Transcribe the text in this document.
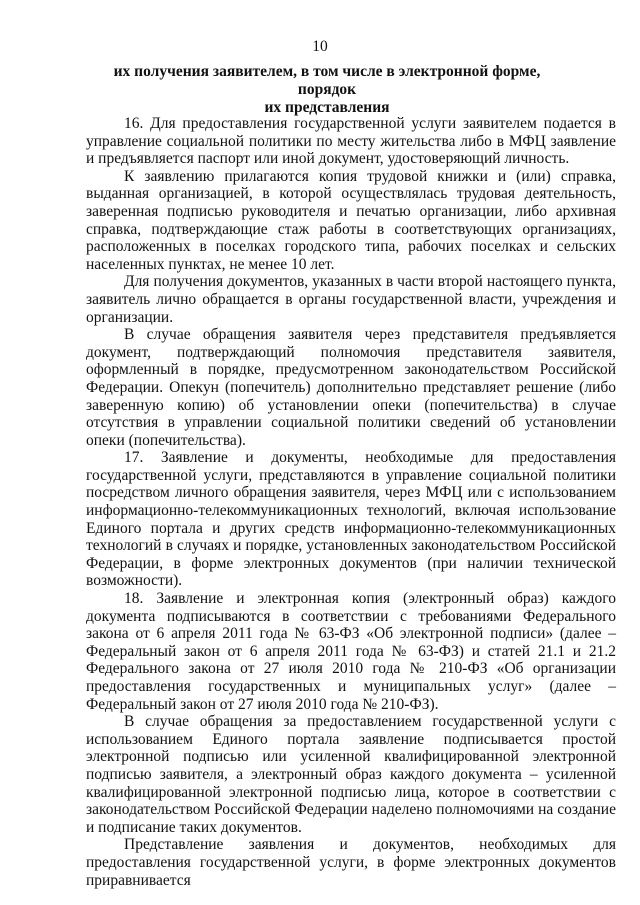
10
их получения заявителем, в том числе в электронной форме, порядок
их представления

16. Для предоставления государственной услуги заявителем подается в управление социальной политики по месту жительства либо в МФЦ заявление и предъявляется паспорт или иной документ, удостоверяющий личность.

К заявлению прилагаются копия трудовой книжки и (или) справка, выданная организацией, в которой осуществлялась трудовая деятельность, заверенная подписью руководителя и печатью организации, либо архивная справка, подтверждающие стаж работы в соответствующих организациях, расположенных в поселках городского типа, рабочих поселках и сельских населенных пунктах, не менее 10 лет.

Для получения документов, указанных в части второй настоящего пункта, заявитель лично обращается в органы государственной власти, учреждения и организации.

В случае обращения заявителя через представителя предъявляется документ, подтверждающий полномочия представителя заявителя, оформленный в порядке, предусмотренном законодательством Российской Федерации. Опекун (попечитель) дополнительно представляет решение (либо заверенную копию) об установлении опеки (попечительства) в случае отсутствия в управлении социальной политики сведений об установлении опеки (попечительства).

17. Заявление и документы, необходимые для предоставления государственной услуги, представляются в управление социальной политики посредством личного обращения заявителя, через МФЦ или с использованием информационно-телекоммуникационных технологий, включая использование Единого портала и других средств информационно-телекоммуникационных технологий в случаях и порядке, установленных законодательством Российской Федерации, в форме электронных документов (при наличии технической возможности).

18. Заявление и электронная копия (электронный образ) каждого документа подписываются в соответствии с требованиями Федерального закона от 6 апреля 2011 года № 63-ФЗ «Об электронной подписи» (далее – Федеральный закон от 6 апреля 2011 года № 63-ФЗ) и статей 21.1 и 21.2 Федерального закона от 27 июля 2010 года № 210-ФЗ «Об организации предоставления государственных и муниципальных услуг» (далее – Федеральный закон от 27 июля 2010 года № 210-ФЗ).

В случае обращения за предоставлением государственной услуги с использованием Единого портала заявление подписывается простой электронной подписью или усиленной квалифицированной электронной подписью заявителя, а электронный образ каждого документа – усиленной квалифицированной электронной подписью лица, которое в соответствии с законодательством Российской Федерации наделено полномочиями на создание и подписание таких документов.

Представление заявления и документов, необходимых для предоставления государственной услуги, в форме электронных документов приравнивается
